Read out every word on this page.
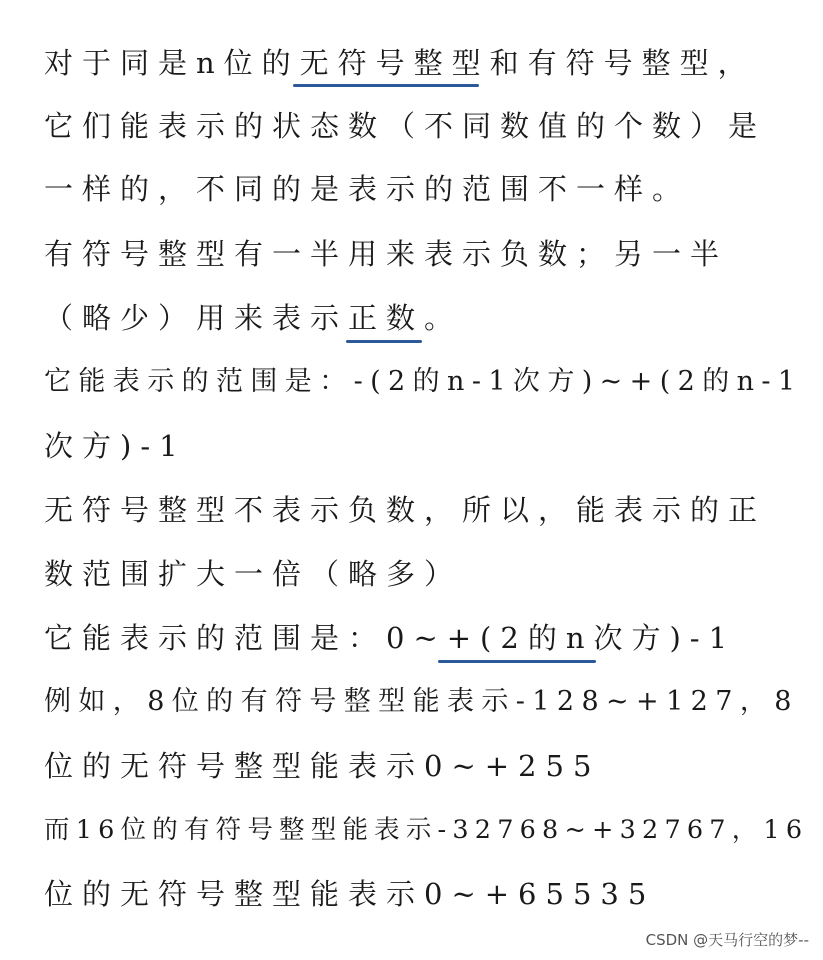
对于同是n位的无符号整型和有符号整型，
它们能表示的状态数（不同数值的个数）是
一样的，不同的是表示的范围不一样。
有符号整型有一半用来表示负数；另一半
（略少）用来表示正数。
它能表示的范围是：-(2的n-1次方)~+(2的n-1
次方)-1
无符号整型不表示负数，所以，能表示的正
数范围扩大一倍（略多）
它能表示的范围是：0~+(2的n次方)-1
例如，8位的有符号整型能表示-128~+127，8
位的无符号整型能表示0~+255
而16位的有符号整型能表示-32768~+32767，16
位的无符号整型能表示0~+65535
CSDN @天马行空的梦--
